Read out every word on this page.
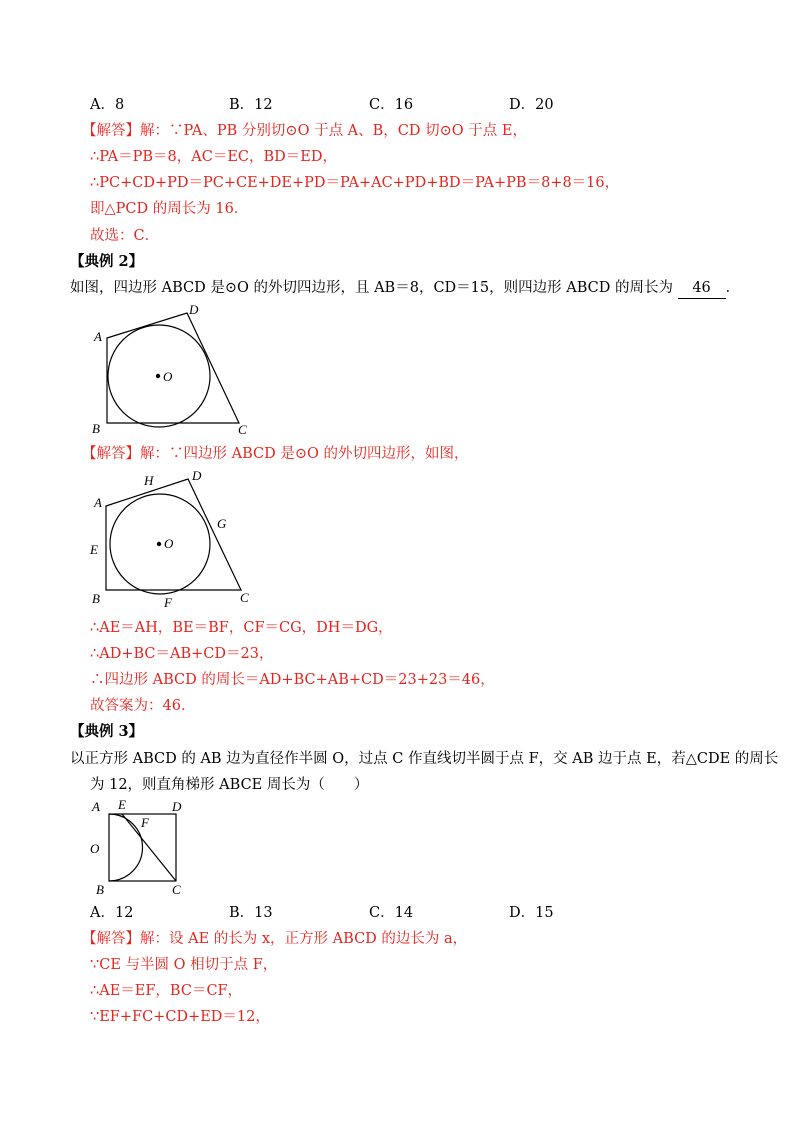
A．8	B．12	C．16	D．20
【解答】解：∵PA、PB 分别切⊙O 于点 A、B，CD 切⊙O 于点 E，
∴PA＝PB＝8，AC＝EC，BD＝ED，
∴PC+CD+PD＝PC+CE+DE+PD＝PA+AC+PD+BD＝PA+PB＝8+8＝16，
即△PCD 的周长为 16．
故选：C．
【典例 2】
如图，四边形 ABCD 是⊙O 的外切四边形，且 AB＝8，CD＝15，则四边形 ABCD 的周长为 46 ．
O
A
D
B	C
【解答】解：∵四边形 ABCD 是⊙O 的外切四边形，如图，
O
A
H	D
G
E
B	F	C
∴AE＝AH，BE＝BF，CF＝CG，DH＝DG，
∴AD+BC＝AB+CD＝23，
∴四边形 ABCD 的周长＝AD+BC+AB+CD＝23+23＝46，
故答案为：46．
【典例 3】
以正方形 ABCD 的 AB 边为直径作半圆 O，过点 C 作直线切半圆于点 F，交 AB 边于点 E，若△CDE 的周长
为 12，则直角梯形 ABCE 周长为（　　）
A E	D
F
O
B	C
A．12	B．13	C．14	D．15
【解答】解：设 AE 的长为 x，正方形 ABCD 的边长为 a，
∵CE 与半圆 O 相切于点 F，
∴AE＝EF，BC＝CF，
∵EF+FC+CD+ED＝12，
